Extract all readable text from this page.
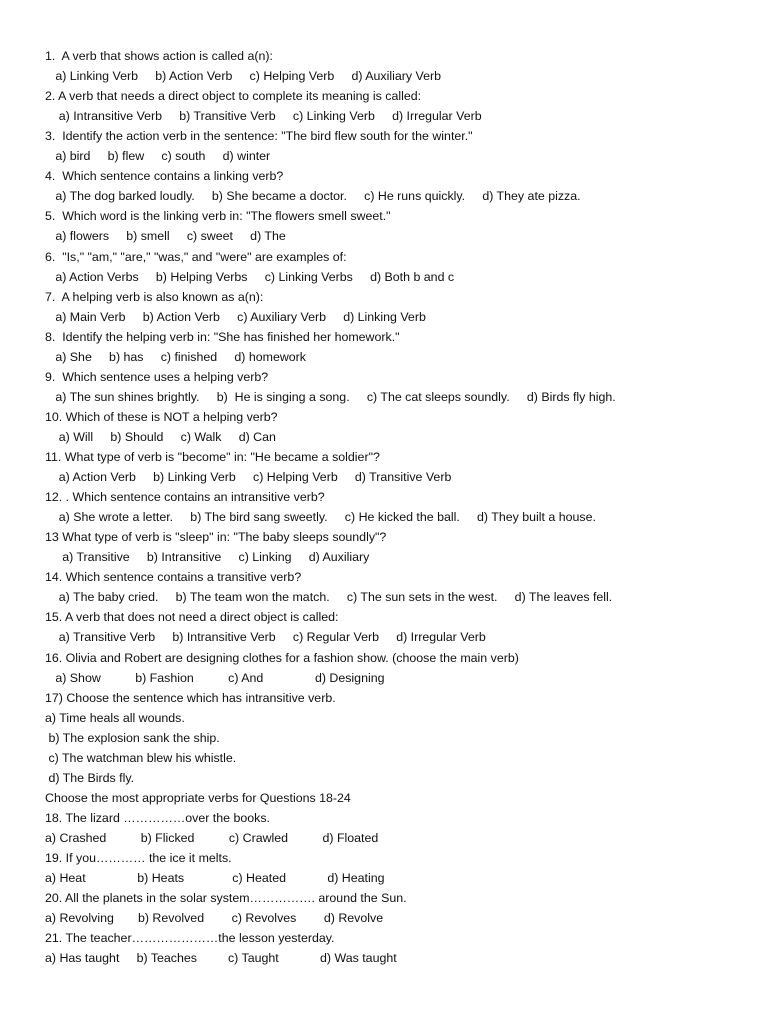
1.  A verb that shows action is called a(n):
a) Linking Verb     b) Action Verb     c) Helping Verb     d) Auxiliary Verb
2. A verb that needs a direct object to complete its meaning is called:
a) Intransitive Verb     b) Transitive Verb     c) Linking Verb     d) Irregular Verb
3.  Identify the action verb in the sentence: "The bird flew south for the winter."
a) bird     b) flew     c) south     d) winter
4.  Which sentence contains a linking verb?
a) The dog barked loudly.     b) She became a doctor.     c) He runs quickly.     d) They ate pizza.
5.  Which word is the linking verb in: "The flowers smell sweet."
a) flowers     b) smell     c) sweet     d) The
6.  "Is," "am," "are," "was," and "were" are examples of:
a) Action Verbs     b) Helping Verbs     c) Linking Verbs     d) Both b and c
7.  A helping verb is also known as a(n):
a) Main Verb     b) Action Verb     c) Auxiliary Verb     d) Linking Verb
8.  Identify the helping verb in: "She has finished her homework."
a) She     b) has     c) finished     d) homework
9.  Which sentence uses a helping verb?
a) The sun shines brightly.     b)  He is singing a song.     c) The cat sleeps soundly.     d) Birds fly high.
10. Which of these is NOT a helping verb?
a) Will     b) Should     c) Walk     d) Can
11. What type of verb is "become" in: "He became a soldier"?
a) Action Verb     b) Linking Verb     c) Helping Verb     d) Transitive Verb
12. . Which sentence contains an intransitive verb?
a) She wrote a letter.     b) The bird sang sweetly.     c) He kicked the ball.     d) They built a house.
13 What type of verb is "sleep" in: "The baby sleeps soundly"?
a) Transitive     b) Intransitive     c) Linking     d) Auxiliary
14. Which sentence contains a transitive verb?
a) The baby cried.     b) The team won the match.     c) The sun sets in the west.     d) The leaves fell.
15. A verb that does not need a direct object is called:
a) Transitive Verb     b) Intransitive Verb     c) Regular Verb     d) Irregular Verb
16. Olivia and Robert are designing clothes for a fashion show. (choose the main verb)
a) Show          b) Fashion          c) And               d) Designing
17) Choose the sentence which has intransitive verb.
a) Time heals all wounds.
b) The explosion sank the ship.
c) The watchman blew his whistle.
d) The Birds fly.
Choose the most appropriate verbs for Questions 18-24
18. The lizard ……………over the books.
a) Crashed          b) Flicked          c) Crawled          d) Floated
19. If you………… the ice it melts.
a) Heat               b) Heats              c) Heated            d) Heating
20. All the planets in the solar system……………. around the Sun.
a) Revolving       b) Revolved        c) Revolves        d) Revolve
21. The teacher…………………the lesson yesterday.
a) Has taught     b) Teaches         c) Taught            d) Was taught
